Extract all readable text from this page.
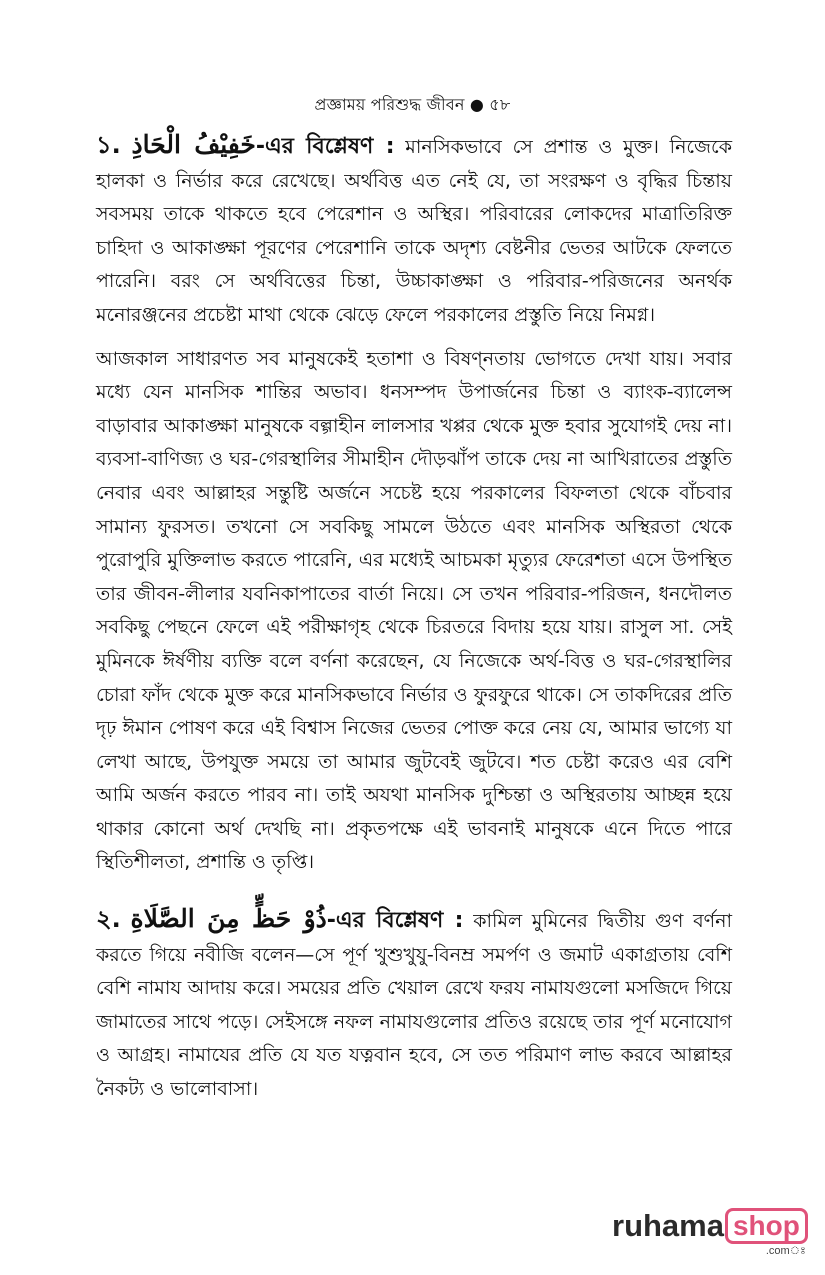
প্রজ্ঞাময় পরিশুদ্ধ জীবন ● ৫৮

১. خَفِيْفُ الْحَاذِ-এর বিশ্লেষণ : মানসিকভাবে সে প্রশান্ত ও মুক্ত। নিজেকে হালকা ও নির্ভার করে রেখেছে। অর্থবিত্ত এত নেই যে, তা সংরক্ষণ ও বৃদ্ধির চিন্তায় সবসময় তাকে থাকতে হবে পেরেশান ও অস্থির। পরিবারের লোকদের মাত্রাতিরিক্ত চাহিদা ও আকাঙ্ক্ষা পূরণের পেরেশানি তাকে অদৃশ্য বেষ্টনীর ভেতর আটকে ফেলতে পারেনি। বরং সে অর্থবিত্তের চিন্তা, উচ্চাকাঙ্ক্ষা ও পরিবার-পরিজনের অনর্থক মনোরঞ্জনের প্রচেষ্টা মাথা থেকে ঝেড়ে ফেলে পরকালের প্রস্তুতি নিয়ে নিমগ্ন।

আজকাল সাধারণত সব মানুষকেই হতাশা ও বিষণ্নতায় ভোগতে দেখা যায়। সবার মধ্যে যেন মানসিক শান্তির অভাব। ধনসম্পদ উপার্জনের চিন্তা ও ব্যাংক-ব্যালেন্স বাড়াবার আকাঙ্ক্ষা মানুষকে বল্গাহীন লালসার খপ্পর থেকে মুক্ত হবার সুযোগই দেয় না। ব্যবসা-বাণিজ্য ও ঘর-গেরস্থালির সীমাহীন দৌড়ঝাঁপ তাকে দেয় না আখিরাতের প্রস্তুতি নেবার এবং আল্লাহর সন্তুষ্টি অর্জনে সচেষ্ট হয়ে পরকালের বিফলতা থেকে বাঁচবার সামান্য ফুরসত। তখনো সে সবকিছু সামলে উঠতে এবং মানসিক অস্থিরতা থেকে পুরোপুরি মুক্তিলাভ করতে পারেনি, এর মধ্যেই আচমকা মৃত্যুর ফেরেশতা এসে উপস্থিত তার জীবন-লীলার যবনিকাপাতের বার্তা নিয়ে। সে তখন পরিবার-পরিজন, ধনদৌলত সবকিছু পেছনে ফেলে এই পরীক্ষাগৃহ থেকে চিরতরে বিদায় হয়ে যায়। রাসুল সা. সেই মুমিনকে ঈর্ষণীয় ব্যক্তি বলে বর্ণনা করেছেন, যে নিজেকে অর্থ-বিত্ত ও ঘর-গেরস্থালির চোরা ফাঁদ থেকে মুক্ত করে মানসিকভাবে নির্ভার ও ফুরফুরে থাকে। সে তাকদিরের প্রতি দৃঢ় ঈমান পোষণ করে এই বিশ্বাস নিজের ভেতর পোক্ত করে নেয় যে, আমার ভাগ্যে যা লেখা আছে, উপযুক্ত সময়ে তা আমার জুটবেই জুটবে। শত চেষ্টা করেও এর বেশি আমি অর্জন করতে পারব না। তাই অযথা মানসিক দুশ্চিন্তা ও অস্থিরতায় আচ্ছন্ন হয়ে থাকার কোনো অর্থ দেখছি না। প্রকৃতপক্ষে এই ভাবনাই মানুষকে এনে দিতে পারে স্থিতিশীলতা, প্রশান্তি ও তৃপ্তি।

২. ذُوْ حَظٍّ مِنَ الصَّلَاةِ-এর বিশ্লেষণ : কামিল মুমিনের দ্বিতীয় গুণ বর্ণনা করতে গিয়ে নবীজি বলেন—সে পূর্ণ খুশুখুযু-বিনম্র সমর্পণ ও জমাট একাগ্রতায় বেশি বেশি নামায আদায় করে। সময়ের প্রতি খেয়াল রেখে ফরয নামাযগুলো মসজিদে গিয়ে জামাতের সাথে পড়ে। সেইসঙ্গে নফল নামাযগুলোর প্রতিও রয়েছে তার পূর্ণ মনোযোগ ও আগ্রহ। নামাযের প্রতি যে যত যত্নবান হবে, সে তত পরিমাণ লাভ করবে আল্লাহর নৈকট্য ও ভালোবাসা।

ruhama shop
.comঃ
